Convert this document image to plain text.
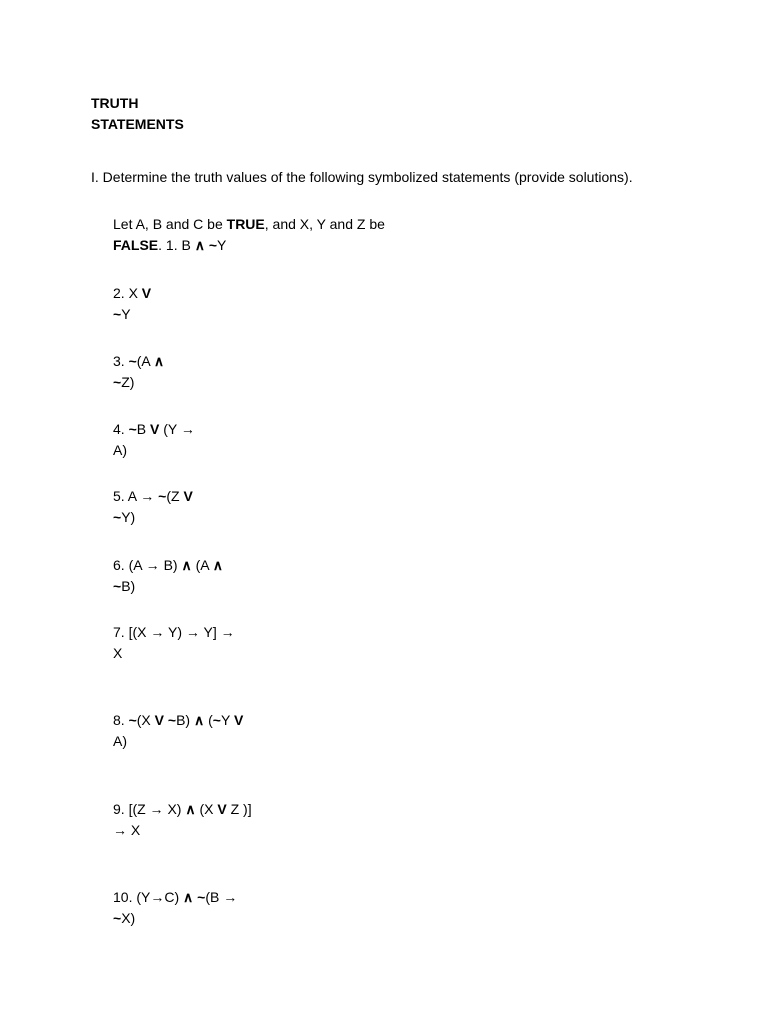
TRUTH
STATEMENTS
I. Determine the truth values of the following symbolized statements (provide solutions).
Let A, B and C be TRUE, and X, Y and Z be
FALSE. 1. B ∧ ~Y
2. X V
~Y
3. ~(A ∧
~Z)
4. ~B V (Y →
A)
5. A → ~(Z V
~Y)
6. (A → B) ∧ (A ∧
~B)
7. [(X → Y) → Y] →
X
8. ~(X V ~B) ∧ (~Y V
A)
9. [(Z → X) ∧ (X V Z )]
→ X
10. (Y→C) ∧ ~(B →
~X)
